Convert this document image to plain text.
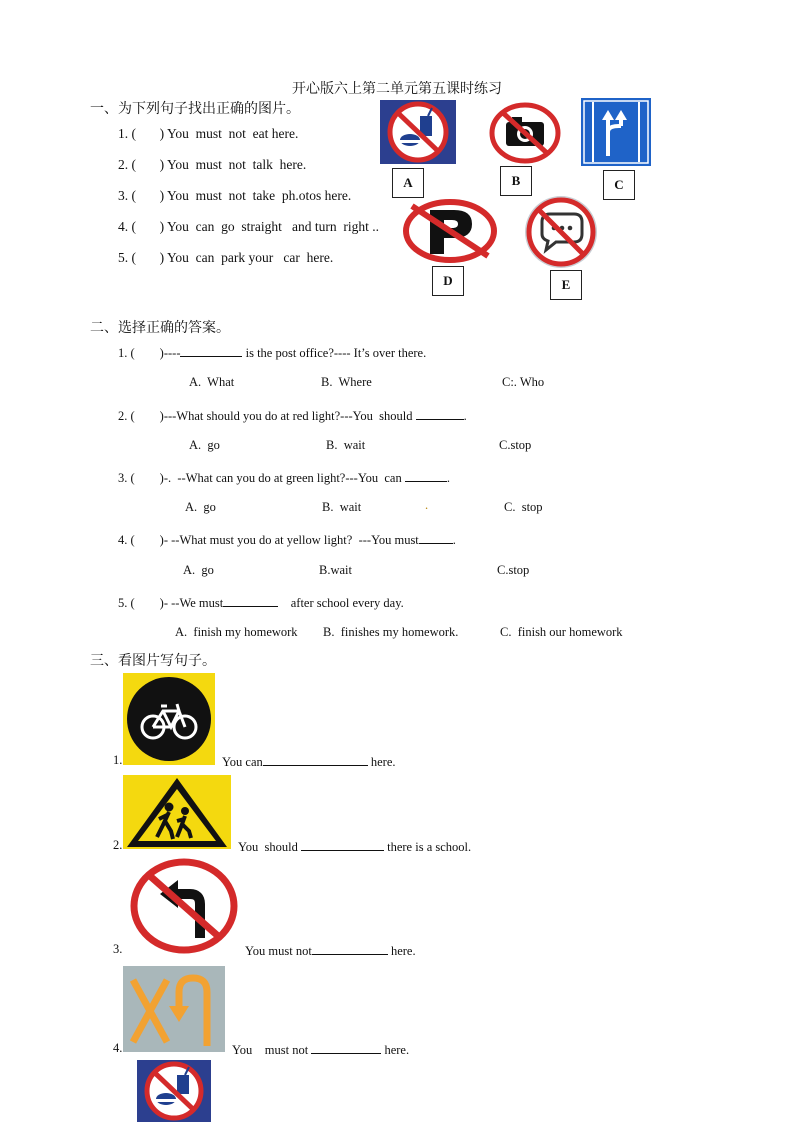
开心版六上第二单元第五课时练习
一、为下列句子找出正确的图片。
1. (       ) You  must  not  eat here.
2. (       ) You  must  not  talk  here.
3. (       ) You  must  not  take  ph.otos here.
4. (       ) You  can  go  straight   and turn  right ..
5. (       ) You  can  park your   car  here.
A	B	C
D	E
二、选择正确的答案。
1. (        )----	is the post office?---- It’s over there.
A.  What	B.  Where	C:. Who
2. (        )---What should you do at red light?---You  should	.
A.  go	B.  wait	C.stop
3. (        )-.  --What can you do at green light?---You  can	.
A.  go	B.  wait	.	C.  stop
4. (        )- --What must you do at yellow light?  ---You must	.
A.  go	B.wait	C.stop
5. (        )- --We must	after school every day.
A.  finish my homework B.  finishes my homework.	C.  finish our homework
三、看图片写句子。
1.	You can	here.
2.	You  should	there is a school.
3.	You must not	here.
4.	You    must not	here.
